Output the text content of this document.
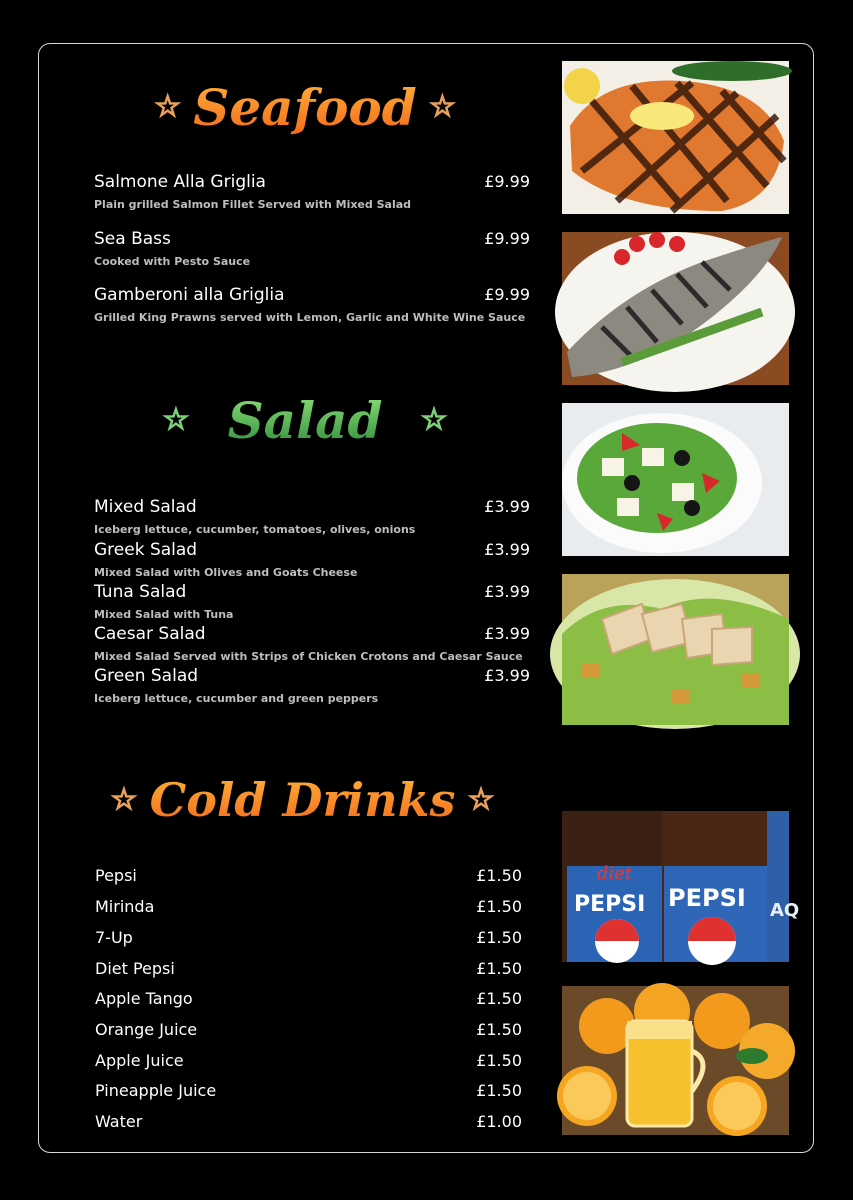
★ Seafood ★
Salmone Alla Griglia	£9.99
Plain grilled Salmon Fillet Served with Mixed Salad
Sea Bass	£9.99
Cooked with Pesto Sauce
Gamberoni alla Griglia	£9.99
Grilled King Prawns served with Lemon, Garlic and White Wine Sauce
★ Salad	★
Mixed Salad	£3.99
Iceberg lettuce, cucumber, tomatoes, olives, onions
Greek Salad	£3.99
Mixed Salad with Olives and Goats Cheese
Tuna Salad	£3.99
Mixed Salad with Tuna
Caesar Salad	£3.99
Mixed Salad Served with Strips of Chicken Crotons and Caesar Sauce
Green Salad	£3.99
Iceberg lettuce, cucumber and green peppers
★ Cold Drinks ★
Pepsi	£1.50
Mirinda	£1.50
7-Up	£1.50
Diet Pepsi	£1.50
Apple Tango	£1.50
Orange Juice	£1.50
Apple Juice	£1.50
Pineapple Juice	£1.50
Water	£1.00
diet
PEPSI PEPSI AQ
